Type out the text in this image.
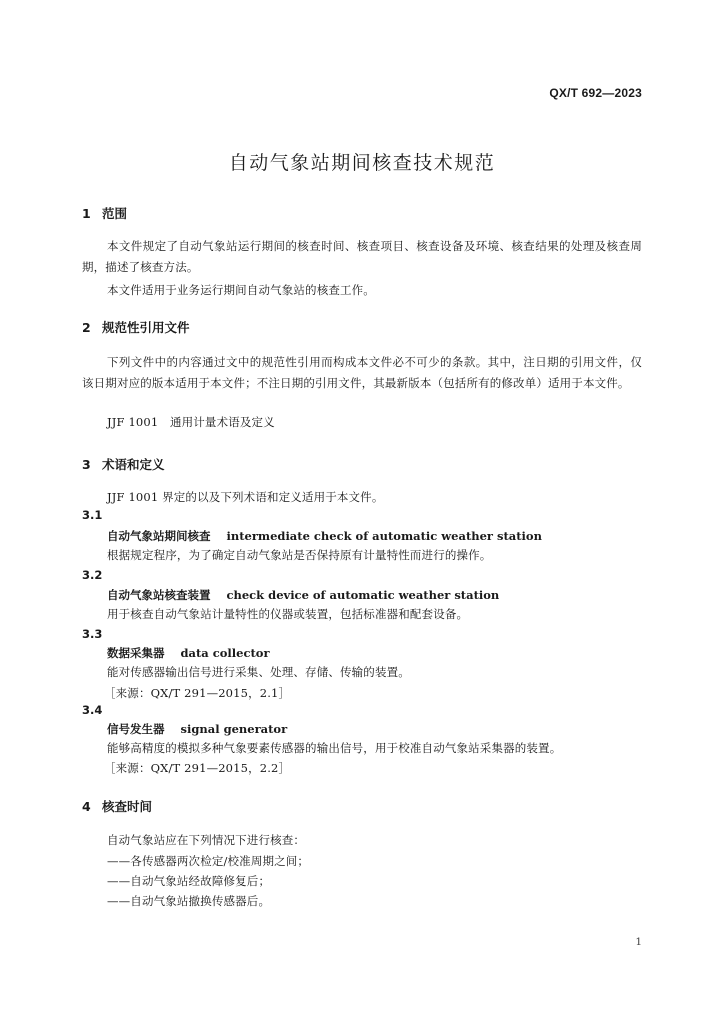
QX/T 692—2023
自动气象站期间核查技术规范
1 范围
本文件规定了自动气象站运行期间的核查时间、核查项目、核查设备及环境、核查结果的处理及核查周期，描述了核查方法。
本文件适用于业务运行期间自动气象站的核查工作。
2 规范性引用文件
下列文件中的内容通过文中的规范性引用而构成本文件必不可少的条款。其中，注日期的引用文件，仅该日期对应的版本适用于本文件；不注日期的引用文件，其最新版本（包括所有的修改单）适用于本文件。
JJF 1001　通用计量术语及定义
3 术语和定义
JJF 1001 界定的以及下列术语和定义适用于本文件。
3.1
自动气象站期间核查 intermediate check of automatic weather station
根据规定程序，为了确定自动气象站是否保持原有计量特性而进行的操作。
3.2
自动气象站核查装置 check device of automatic weather station
用于核查自动气象站计量特性的仪器或装置，包括标准器和配套设备。
3.3
数据采集器 data collector
能对传感器输出信号进行采集、处理、存储、传输的装置。
［来源：QX/T 291—2015，2.1］
3.4
信号发生器 signal generator
能够高精度的模拟多种气象要素传感器的输出信号，用于校准自动气象站采集器的装置。
［来源：QX/T 291—2015，2.2］
4 核查时间
自动气象站应在下列情况下进行核查：
——各传感器两次检定/校准周期之间；
——自动气象站经故障修复后；
——自动气象站撤换传感器后。
1
